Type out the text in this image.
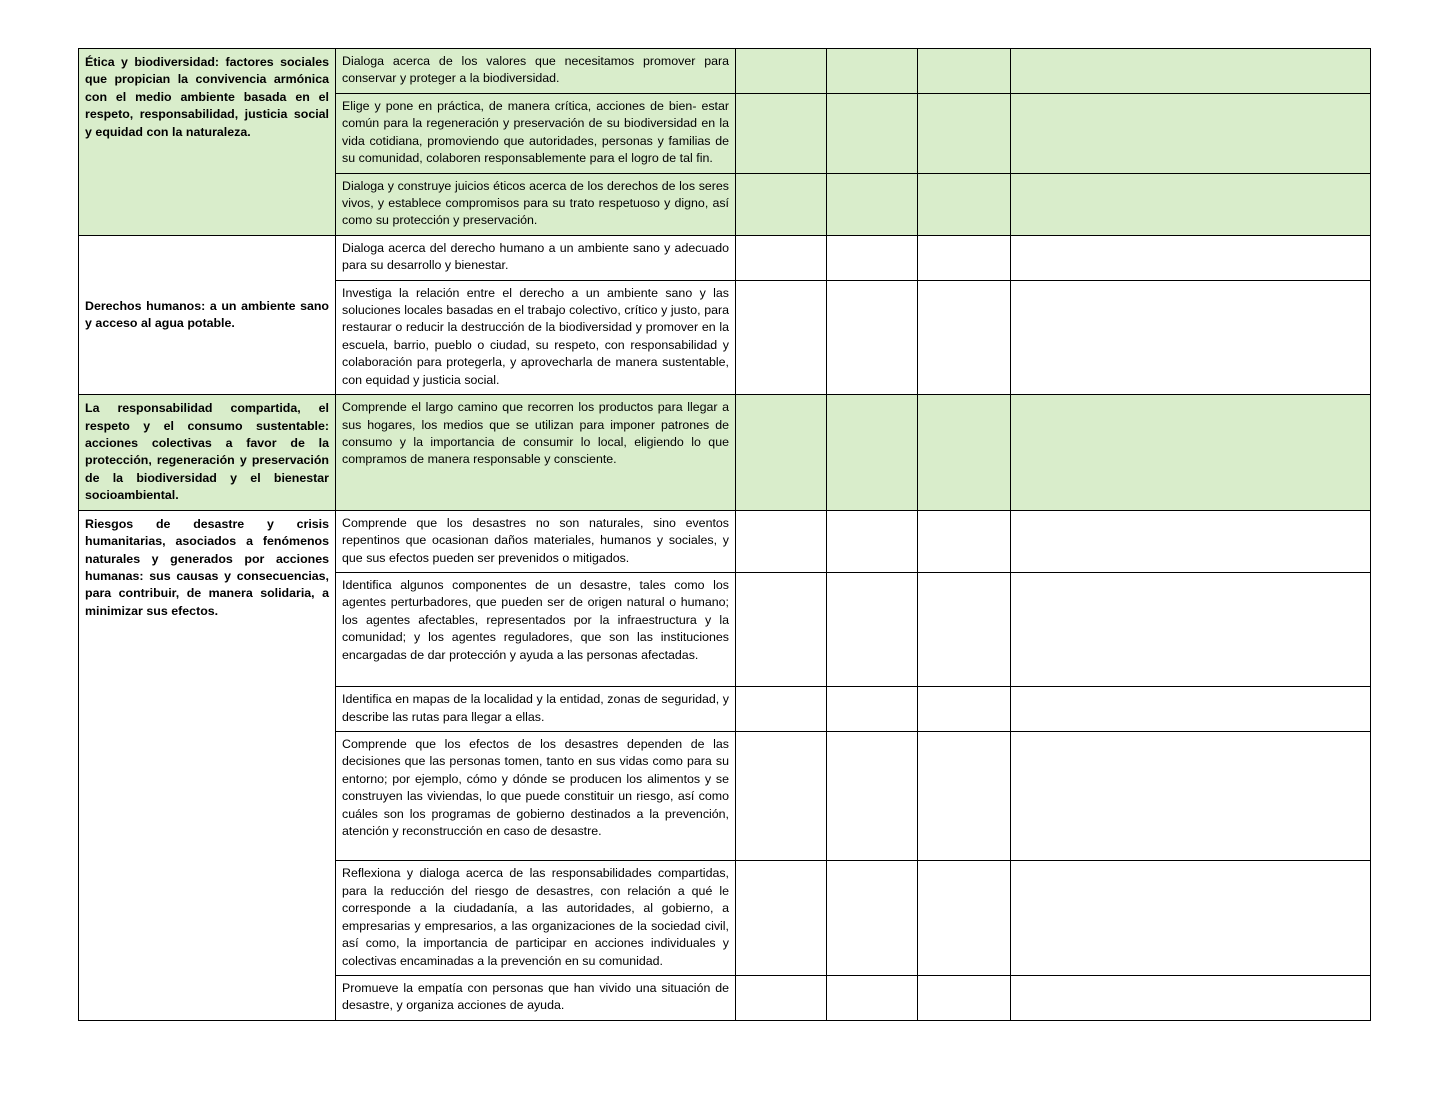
Ética y biodiversidad: factores sociales que propician la convivencia armónica con el medio ambiente basada en el respeto, responsabilidad, justicia social y equidad con la naturaleza.	Dialoga acerca de los valores que necesitamos promover para conservar y proteger a la biodiversidad.				

	Elige y pone en práctica, de manera crítica, acciones de bien- estar común para la regeneración y preservación de su biodiversidad en la vida cotidiana, promoviendo que autoridades, personas y familias de su comunidad, colaboren responsablemente para el logro de tal fin.				

	Dialoga y construye juicios éticos acerca de los derechos de los seres vivos, y establece compromisos para su trato respetuoso y digno, así como su protección y preservación.				

Derechos humanos: a un ambiente sano y acceso al agua potable.	Dialoga acerca del derecho humano a un ambiente sano y adecuado para su desarrollo y bienestar.				

	Investiga la relación entre el derecho a un ambiente sano y las soluciones locales basadas en el trabajo colectivo, crítico y justo, para restaurar o reducir la destrucción de la biodiversidad y promover en la escuela, barrio, pueblo o ciudad, su respeto, con responsabilidad y colaboración para protegerla, y aprovecharla de manera sustentable, con equidad y justicia social.				

La responsabilidad compartida, el respeto y el consumo sustentable: acciones colectivas a favor de la protección, regeneración y preservación de la biodiversidad y el bienestar socioambiental.	Comprende el largo camino que recorren los productos para llegar a sus hogares, los medios que se utilizan para imponer patrones de consumo y la importancia de consumir lo local, eligiendo lo que compramos de manera responsable y consciente.				

Riesgos de desastre y crisis humanitarias, asociados a fenómenos naturales y generados por acciones humanas: sus causas y consecuencias, para contribuir, de manera solidaria, a minimizar sus efectos.	Comprende que los desastres no son naturales, sino eventos repentinos que ocasionan daños materiales, humanos y sociales, y que sus efectos pueden ser prevenidos o mitigados.				

	Identifica algunos componentes de un desastre, tales como los agentes perturbadores, que pueden ser de origen natural o humano; los agentes afectables, representados por la infraestructura y la comunidad; y los agentes reguladores, que son las instituciones encargadas de dar protección y ayuda a las personas afectadas.				

	Identifica en mapas de la localidad y la entidad, zonas de seguridad, y describe las rutas para llegar a ellas.				

	Comprende que los efectos de los desastres dependen de las decisiones que las personas tomen, tanto en sus vidas como para su entorno; por ejemplo, cómo y dónde se producen los alimentos y se construyen las viviendas, lo que puede constituir un riesgo, así como cuáles son los programas de gobierno destinados a la prevención, atención y reconstrucción en caso de desastre.				

	Reflexiona y dialoga acerca de las responsabilidades compartidas, para la reducción del riesgo de desastres, con relación a qué le corresponde a la ciudadanía, a las autoridades, al gobierno, a empresarias y empresarios, a las organizaciones de la sociedad civil, así como, la importancia de participar en acciones individuales y colectivas encaminadas a la prevención en su comunidad.				

	Promueve la empatía con personas que han vivido una situación de desastre, y organiza acciones de ayuda.				
